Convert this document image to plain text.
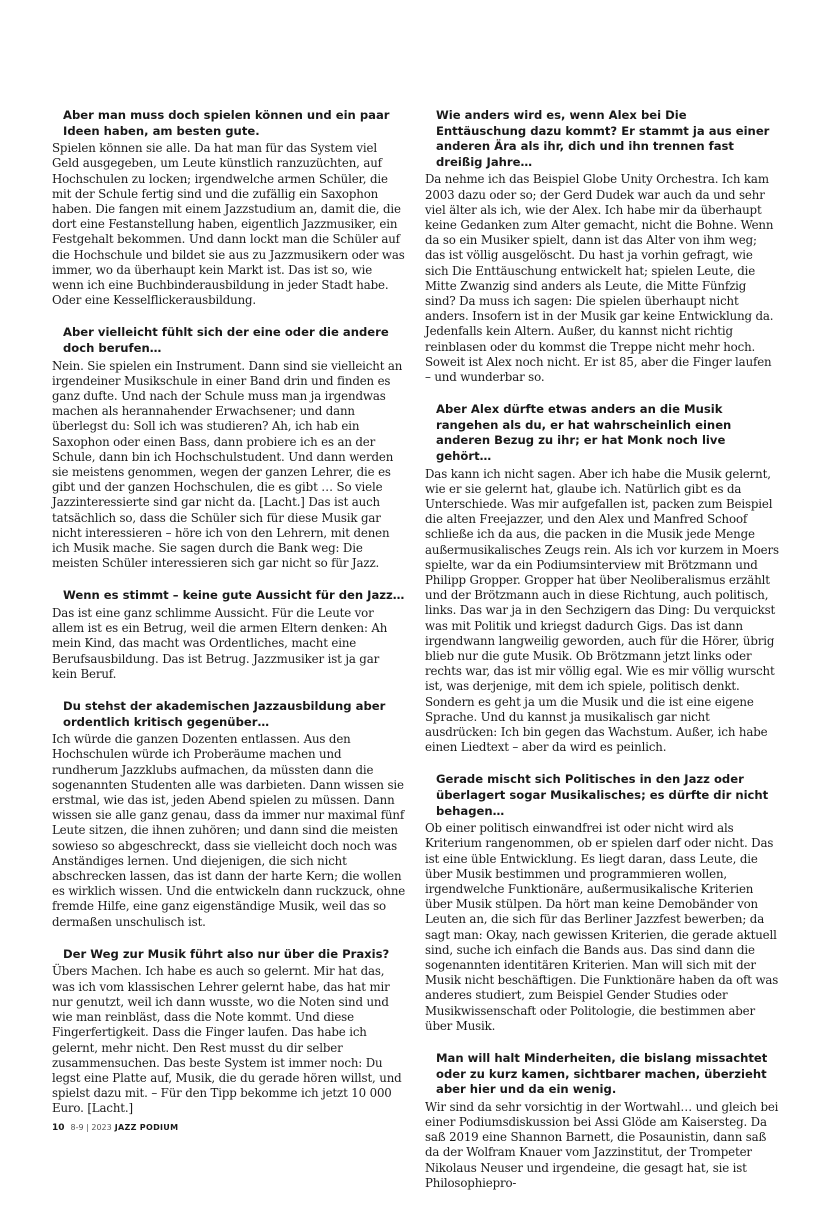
Aber man muss doch spielen können und ein paar Ideen haben, am besten gute.

Spielen können sie alle. Da hat man für das System viel Geld ausgegeben, um Leute künstlich ranzuzüchten, auf Hochschulen zu locken; irgendwelche armen Schüler, die mit der Schule fertig sind und die zufällig ein Saxophon haben. Die fangen mit einem Jazzstudium an, damit die, die dort eine Festanstellung haben, eigentlich Jazzmusiker, ein Festgehalt bekommen. Und dann lockt man die Schüler auf die Hochschule und bildet sie aus zu Jazzmusikern oder was immer, wo da überhaupt kein Markt ist. Das ist so, wie wenn ich eine Buchbinderausbildung in jeder Stadt habe. Oder eine Kesselflickerausbildung.

Aber vielleicht fühlt sich der eine oder die andere doch berufen…

Nein. Sie spielen ein Instrument. Dann sind sie vielleicht an irgendeiner Musikschule in einer Band drin und finden es ganz dufte. Und nach der Schule muss man ja irgendwas machen als herannahender Erwachsener; und dann überlegst du: Soll ich was studieren? Ah, ich hab ein Saxophon oder einen Bass, dann probiere ich es an der Schule, dann bin ich Hochschulstudent. Und dann werden sie meistens genommen, wegen der ganzen Lehrer, die es gibt und der ganzen Hochschulen, die es gibt … So viele Jazzinteressierte sind gar nicht da. [Lacht.] Das ist auch tatsächlich so, dass die Schüler sich für diese Musik gar nicht interessieren – höre ich von den Lehrern, mit denen ich Musik mache. Sie sagen durch die Bank weg: Die meisten Schüler interessieren sich gar nicht so für Jazz.

Wenn es stimmt – keine gute Aussicht für den Jazz…

Das ist eine ganz schlimme Aussicht. Für die Leute vor allem ist es ein Betrug, weil die armen Eltern denken: Ah mein Kind, das macht was Ordentliches, macht eine Berufsausbildung. Das ist Betrug. Jazzmusiker ist ja gar kein Beruf.

Du stehst der akademischen Jazzausbildung aber ordentlich kritisch gegenüber…

Ich würde die ganzen Dozenten entlassen. Aus den Hochschulen würde ich Proberäume machen und rundherum Jazzklubs aufmachen, da müssten dann die sogenannten Studenten alle was darbieten. Dann wissen sie erstmal, wie das ist, jeden Abend spielen zu müssen. Dann wissen sie alle ganz genau, dass da immer nur maximal fünf Leute sitzen, die ihnen zuhören; und dann sind die meisten sowieso so abgeschreckt, dass sie vielleicht doch noch was Anständiges lernen. Und diejenigen, die sich nicht abschrecken lassen, das ist dann der harte Kern; die wollen es wirklich wissen. Und die entwickeln dann ruckzuck, ohne fremde Hilfe, eine ganz eigenständige Musik, weil das so dermaßen unschulisch ist.

Der Weg zur Musik führt also nur über die Praxis?

Übers Machen. Ich habe es auch so gelernt. Mir hat das, was ich vom klassischen Lehrer gelernt habe, das hat mir nur genutzt, weil ich dann wusste, wo die Noten sind und wie man reinbläst, dass die Note kommt. Und diese Fingerfertigkeit. Dass die Finger laufen. Das habe ich gelernt, mehr nicht. Den Rest musst du dir selber zusammensuchen. Das beste System ist immer noch: Du legst eine Platte auf, Musik, die du gerade hören willst, und spielst dazu mit. – Für den Tipp bekomme ich jetzt 10 000 Euro. [Lacht.]

Wie anders wird es, wenn Alex bei Die Enttäuschung dazu kommt? Er stammt ja aus einer anderen Ära als ihr, dich und ihn trennen fast dreißig Jahre…

Da nehme ich das Beispiel Globe Unity Orchestra. Ich kam 2003 dazu oder so; der Gerd Dudek war auch da und sehr viel älter als ich, wie der Alex. Ich habe mir da überhaupt keine Gedanken zum Alter gemacht, nicht die Bohne. Wenn da so ein Musiker spielt, dann ist das Alter von ihm weg; das ist völlig ausgelöscht. Du hast ja vorhin gefragt, wie sich Die Enttäuschung entwickelt hat; spielen Leute, die Mitte Zwanzig sind anders als Leute, die Mitte Fünfzig sind? Da muss ich sagen: Die spielen überhaupt nicht anders. Insofern ist in der Musik gar keine Entwicklung da. Jedenfalls kein Altern. Außer, du kannst nicht richtig reinblasen oder du kommst die Treppe nicht mehr hoch. Soweit ist Alex noch nicht. Er ist 85, aber die Finger laufen – und wunderbar so.

Aber Alex dürfte etwas anders an die Musik rangehen als du, er hat wahrscheinlich einen anderen Bezug zu ihr; er hat Monk noch live gehört…

Das kann ich nicht sagen. Aber ich habe die Musik gelernt, wie er sie gelernt hat, glaube ich. Natürlich gibt es da Unterschiede. Was mir aufgefallen ist, packen zum Beispiel die alten Freejazzer, und den Alex und Manfred Schoof schließe ich da aus, die packen in die Musik jede Menge außermusikalisches Zeugs rein. Als ich vor kurzem in Moers spielte, war da ein Podiumsinterview mit Brötzmann und Philipp Gropper. Gropper hat über Neoliberalismus erzählt und der Brötzmann auch in diese Richtung, auch politisch, links. Das war ja in den Sechzigern das Ding: Du verquickst was mit Politik und kriegst dadurch Gigs. Das ist dann irgendwann langweilig geworden, auch für die Hörer, übrig blieb nur die gute Musik. Ob Brötzmann jetzt links oder rechts war, das ist mir völlig egal. Wie es mir völlig wurscht ist, was derjenige, mit dem ich spiele, politisch denkt. Sondern es geht ja um die Musik und die ist eine eigene Sprache. Und du kannst ja musikalisch gar nicht ausdrücken: Ich bin gegen das Wachstum. Außer, ich habe einen Liedtext – aber da wird es peinlich.

Gerade mischt sich Politisches in den Jazz oder überlagert sogar Musikalisches; es dürfte dir nicht behagen…

Ob einer politisch einwandfrei ist oder nicht wird als Kriterium rangenommen, ob er spielen darf oder nicht. Das ist eine üble Entwicklung. Es liegt daran, dass Leute, die über Musik bestimmen und programmieren wollen, irgendwelche Funktionäre, außermusikalische Kriterien über Musik stülpen. Da hört man keine Demobänder von Leuten an, die sich für das Berliner Jazzfest bewerben; da sagt man: Okay, nach gewissen Kriterien, die gerade aktuell sind, suche ich einfach die Bands aus. Das sind dann die sogenannten identitären Kriterien. Man will sich mit der Musik nicht beschäftigen. Die Funktionäre haben da oft was anderes studiert, zum Beispiel Gender Studies oder Musikwissenschaft oder Politologie, die bestimmen aber über Musik.

Man will halt Minderheiten, die bislang missachtet oder zu kurz kamen, sichtbarer machen, überzieht aber hier und da ein wenig.

Wir sind da sehr vorsichtig in der Wortwahl… und gleich bei einer Podiumsdiskussion bei Assi Glöde am Kaisersteg. Da saß 2019 eine Shannon Barnett, die Posaunistin, dann saß da der Wolfram Knauer vom Jazzinstitut, der Trompeter Nikolaus Neuser und irgendeine, die gesagt hat, sie ist Philosophiepro-

10 8-9 | 2023 JAZZ PODIUM
